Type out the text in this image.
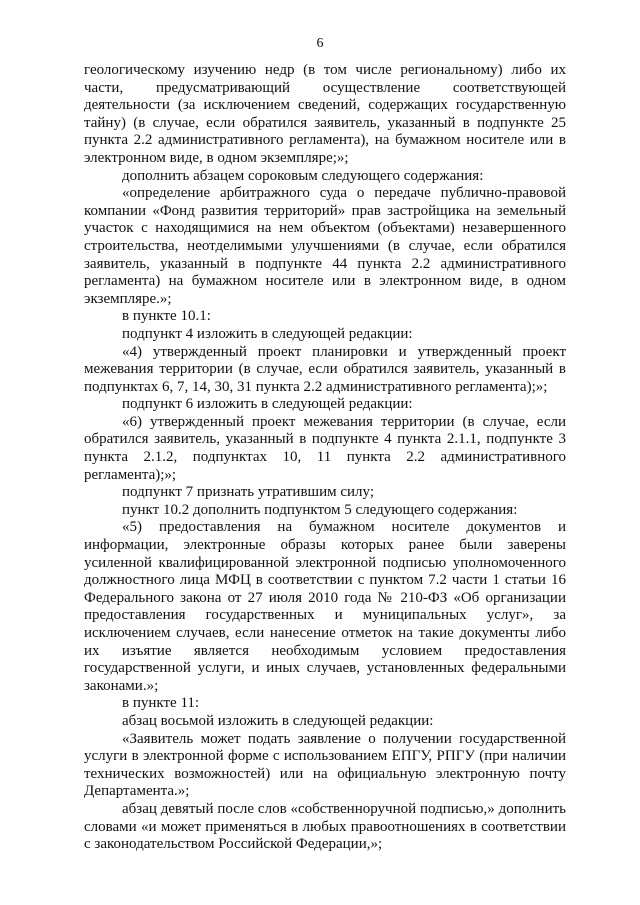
6

геологическому изучению недр (в том числе региональному) либо их части, предусматривающий осуществление соответствующей деятельности (за исключением сведений, содержащих государственную тайну) (в случае, если обратился заявитель, указанный в подпункте 25 пункта 2.2 административного регламента), на бумажном носителе или в электронном виде, в одном экземпляре;»;

дополнить абзацем сороковым следующего содержания:

«определение арбитражного суда о передаче публично-правовой компании «Фонд развития территорий» прав застройщика на земельный участок с находящимися на нем объектом (объектами) незавершенного строительства, неотделимыми улучшениями (в случае, если обратился заявитель, указанный в подпункте 44 пункта 2.2 административного регламента) на бумажном носителе или в электронном виде, в одном экземпляре.»;

в пункте 10.1:

подпункт 4 изложить в следующей редакции:

«4) утвержденный проект планировки и утвержденный проект межевания территории (в случае, если обратился заявитель, указанный в подпунктах 6, 7, 14, 30, 31 пункта 2.2 административного регламента);»;

подпункт 6 изложить в следующей редакции:

«6) утвержденный проект межевания территории (в случае, если обратился заявитель, указанный в подпункте 4 пункта 2.1.1, подпункте 3 пункта 2.1.2, подпунктах 10, 11 пункта 2.2 административного регламента);»;

подпункт 7 признать утратившим силу;

пункт 10.2 дополнить подпунктом 5 следующего содержания:

«5) предоставления на бумажном носителе документов и информации, электронные образы которых ранее были заверены усиленной квалифицированной электронной подписью уполномоченного должностного лица МФЦ в соответствии с пунктом 7.2 части 1 статьи 16 Федерального закона от 27 июля 2010 года № 210-ФЗ «Об организации предоставления государственных и муниципальных услуг», за исключением случаев, если нанесение отметок на такие документы либо их изъятие является необходимым условием предоставления государственной услуги, и иных случаев, установленных федеральными законами.»;

в пункте 11:

абзац восьмой изложить в следующей редакции:

«Заявитель может подать заявление о получении государственной услуги в электронной форме с использованием ЕПГУ, РПГУ (при наличии технических возможностей) или на официальную электронную почту Департамента.»;

абзац девятый после слов «собственноручной подписью,» дополнить словами «и может применяться в любых правоотношениях в соответствии с законодательством Российской Федерации,»;
